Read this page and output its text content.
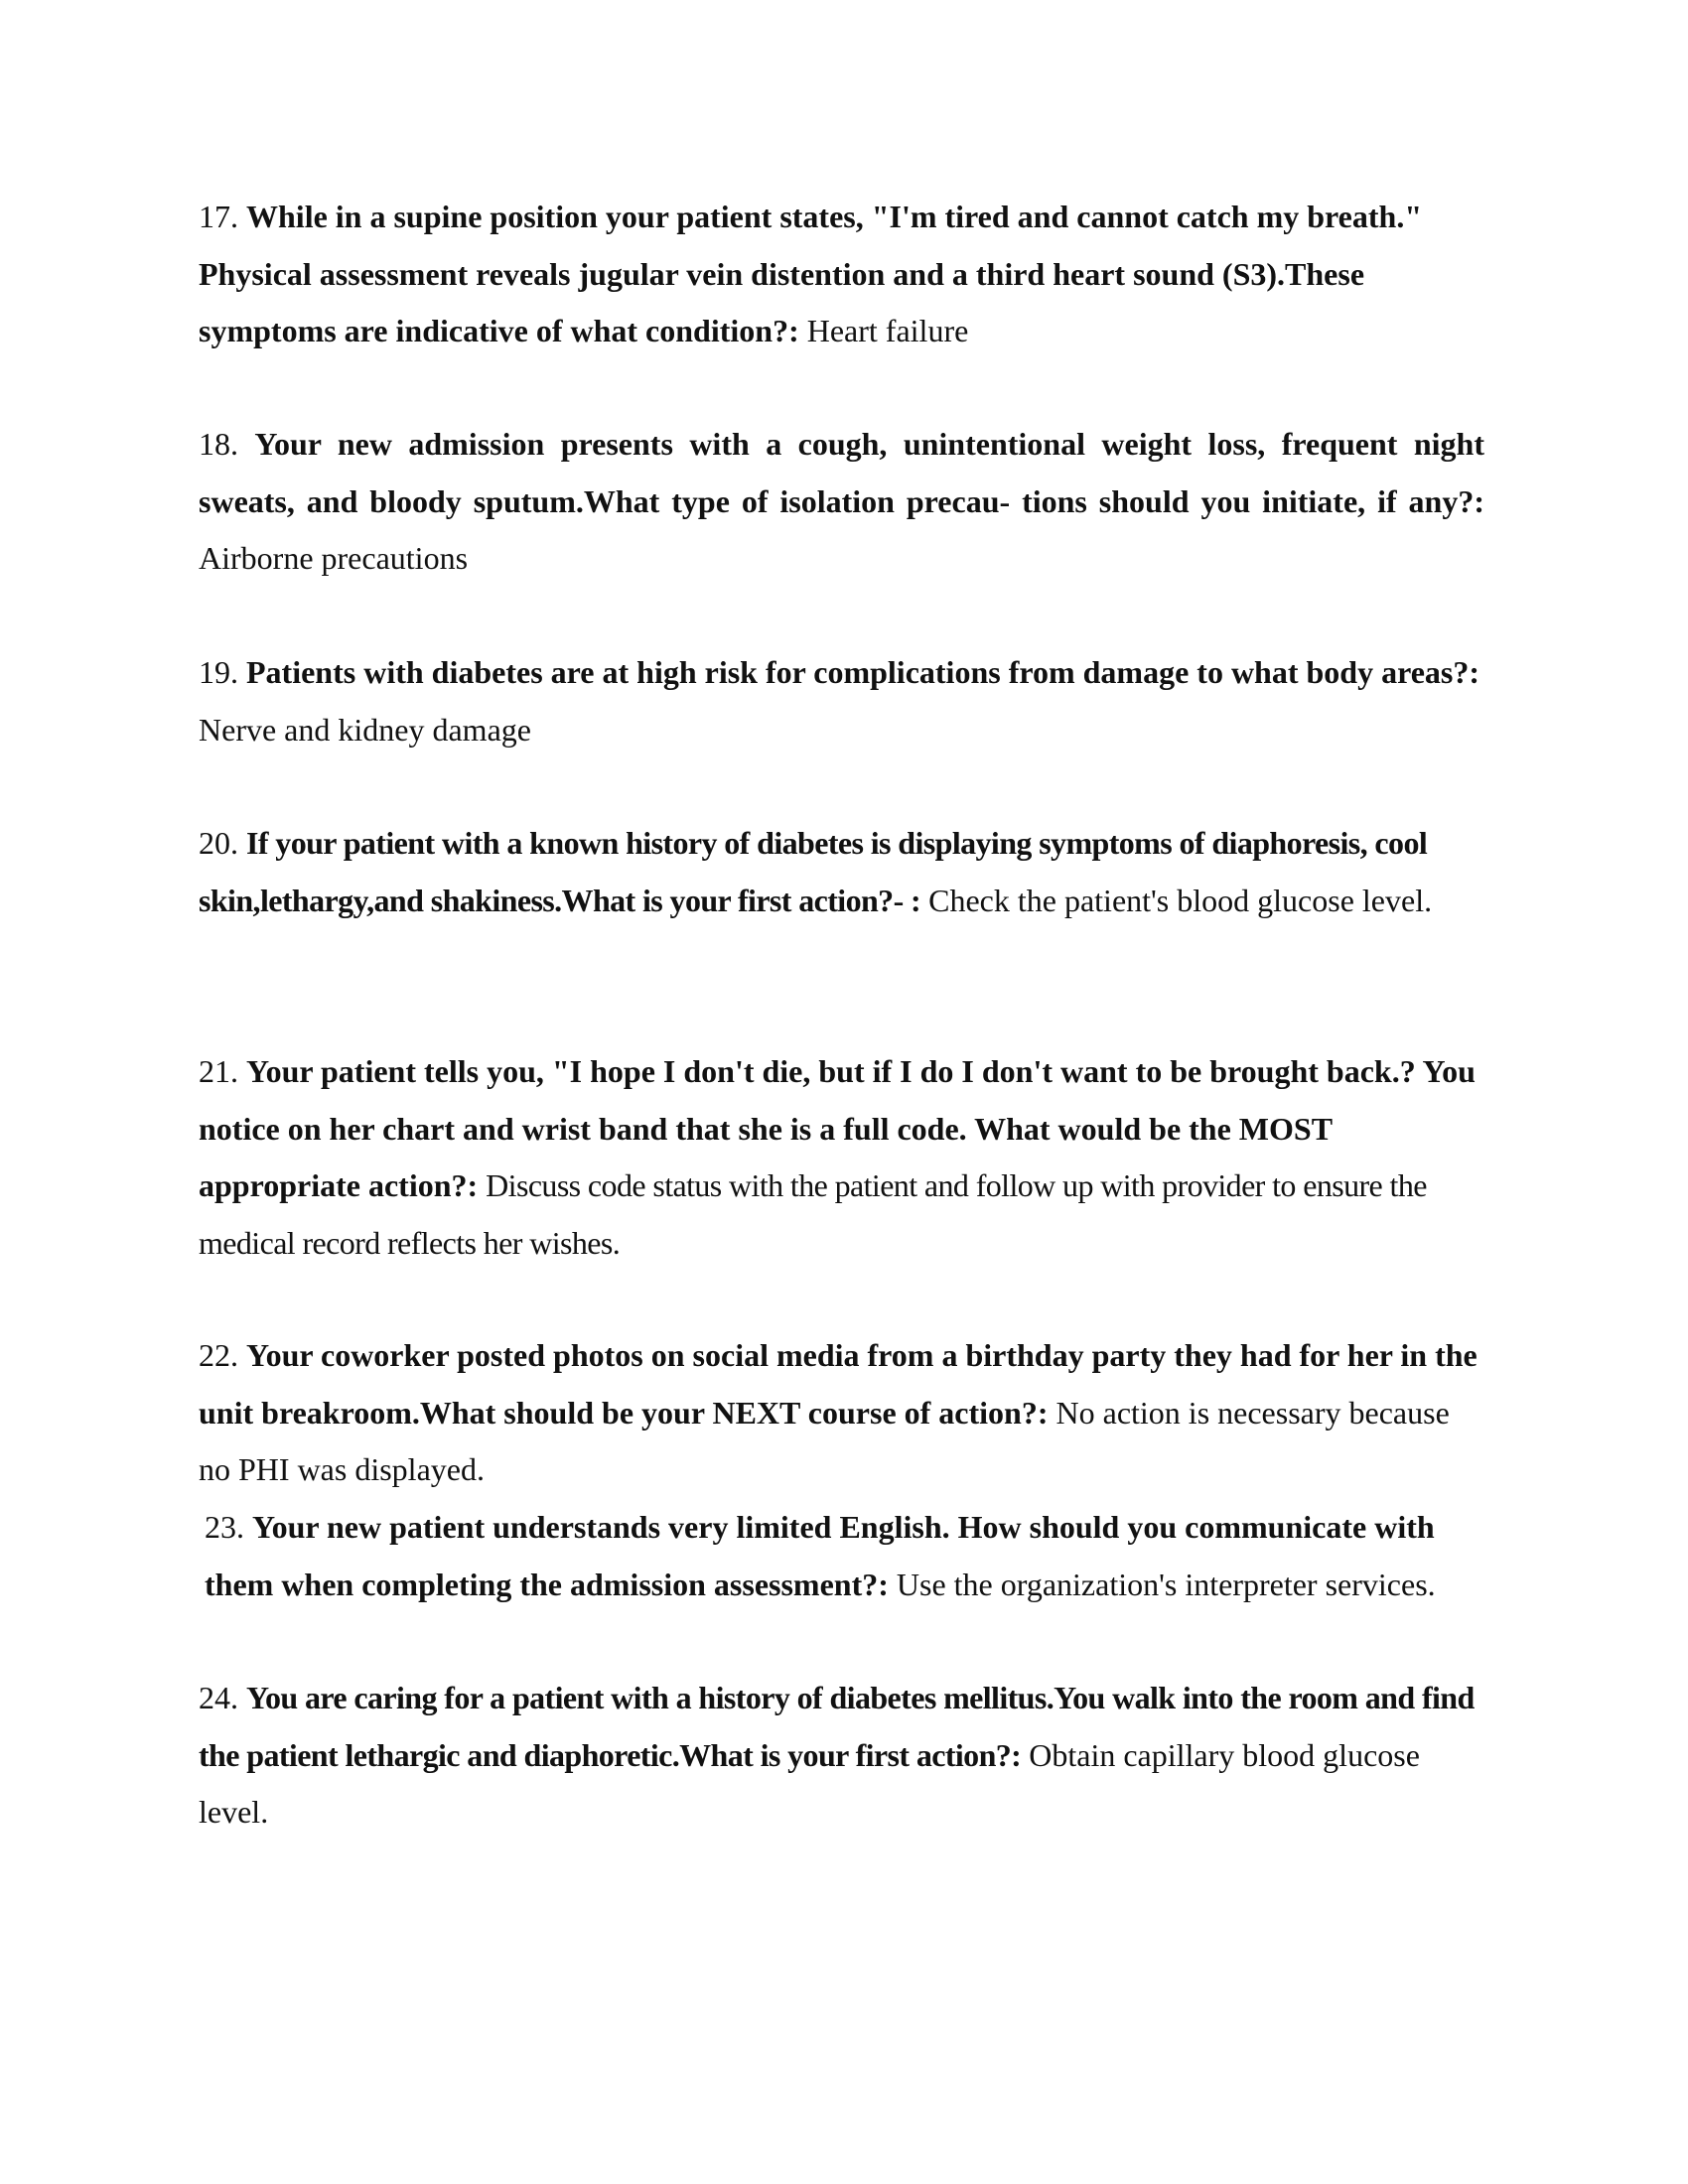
17. While in a supine position your patient states, "I'm tired and cannot catch my breath." Physical assessment reveals jugular vein distention and a third heart sound (S3).These symptoms are indicative of what condition?: Heart failure

18. Your new admission presents with a cough, unintentional weight loss, frequent night sweats, and bloody sputum.What type of isolation precau- tions should you initiate, if any?: Airborne precautions

19. Patients with diabetes are at high risk for complications from damage to what body areas?: Nerve and kidney damage

20. If your patient with a known history of diabetes is displaying symptoms of diaphoresis, cool skin,lethargy,and shakiness.What is your first action?- : Check the patient's blood glucose level.

21. Your patient tells you, "I hope I don't die, but if I do I don't want to be brought back.? You notice on her chart and wrist band that she is a full code. What would be the MOST appropriate action?: Discuss code status with the patient and follow up with provider to ensure the medical record reflects her wishes.

22. Your coworker posted photos on social media from a birthday party they had for her in the unit breakroom.What should be your NEXT course of action?: No action is necessary because no PHI was displayed.

23. Your new patient understands very limited English. How should you communicate with them when completing the admission assessment?: Use the organization's interpreter services.

24. You are caring for a patient with a history of diabetes mellitus.You walk into the room and find the patient lethargic and diaphoretic.What is your first action?: Obtain capillary blood glucose level.
